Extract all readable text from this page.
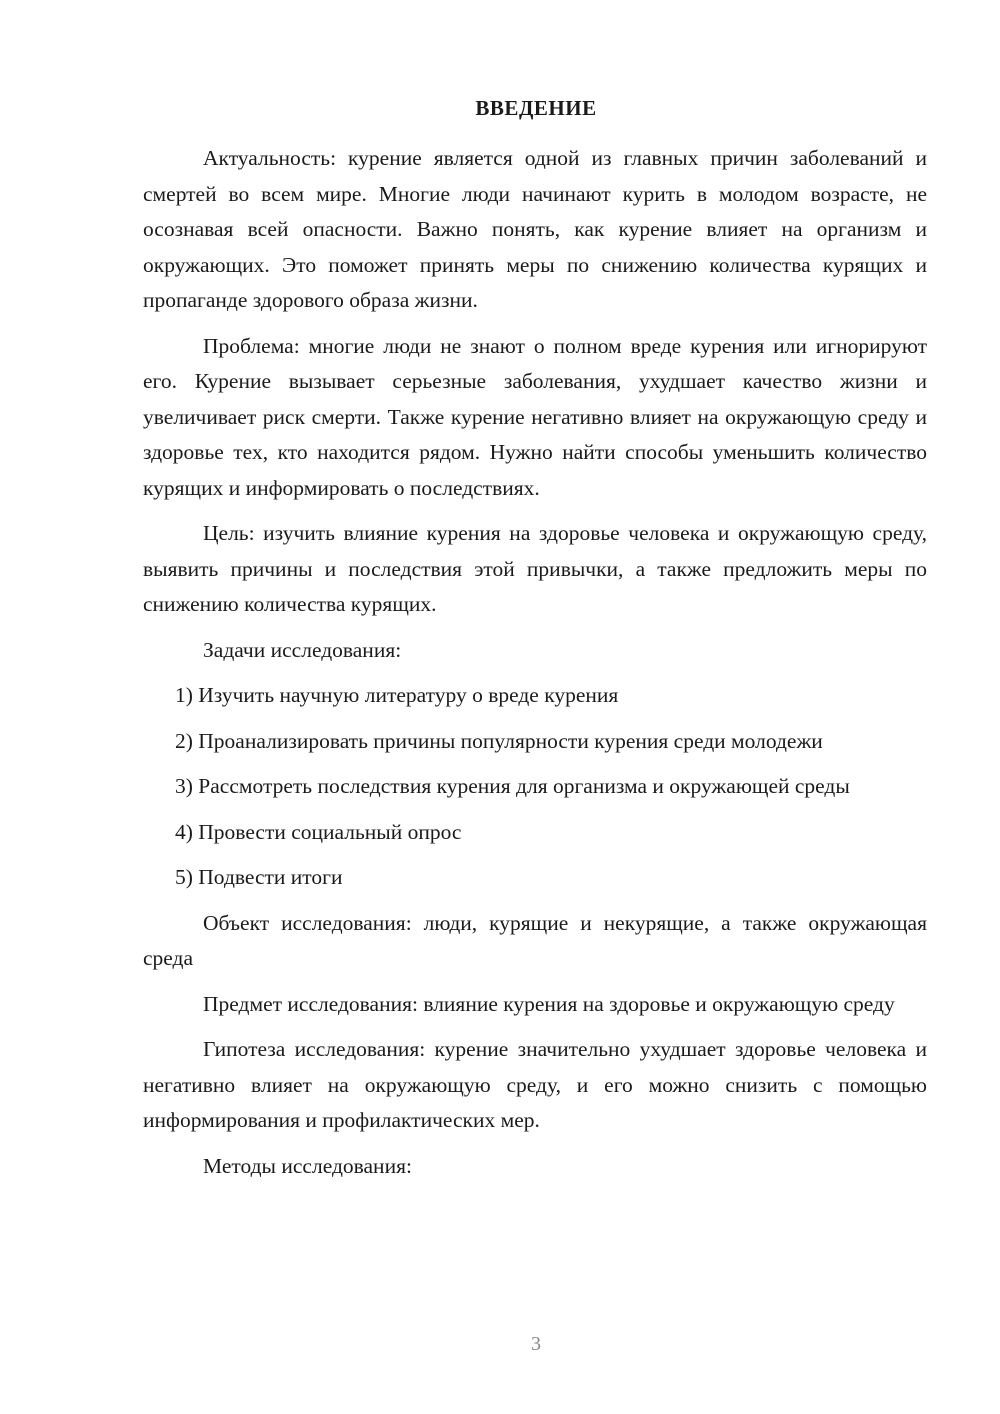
ВВЕДЕНИЕ

Актуальность: курение является одной из главных причин заболеваний и смертей во всем мире. Многие люди начинают курить в молодом возрасте, не осознавая всей опасности. Важно понять, как курение влияет на организм и окружающих. Это поможет принять меры по снижению количества курящих и пропаганде здорового образа жизни.

Проблема: многие люди не знают о полном вреде курения или игнорируют его. Курение вызывает серьезные заболевания, ухудшает качество жизни и увеличивает риск смерти. Также курение негативно влияет на окружающую среду и здоровье тех, кто находится рядом. Нужно найти способы уменьшить количество курящих и информировать о последствиях.

Цель: изучить влияние курения на здоровье человека и окружающую среду, выявить причины и последствия этой привычки, а также предложить меры по снижению количества курящих.

Задачи исследования:

1) Изучить научную литературу о вреде курения

2) Проанализировать причины популярности курения среди молодежи

3) Рассмотреть последствия курения для организма и окружающей среды

4) Провести социальный опрос

5) Подвести итоги

Объект исследования: люди, курящие и некурящие, а также окружающая среда

Предмет исследования: влияние курения на здоровье и окружающую среду

Гипотеза исследования: курение значительно ухудшает здоровье человека и негативно влияет на окружающую среду, и его можно снизить с помощью информирования и профилактических мер.

Методы исследования:

3
